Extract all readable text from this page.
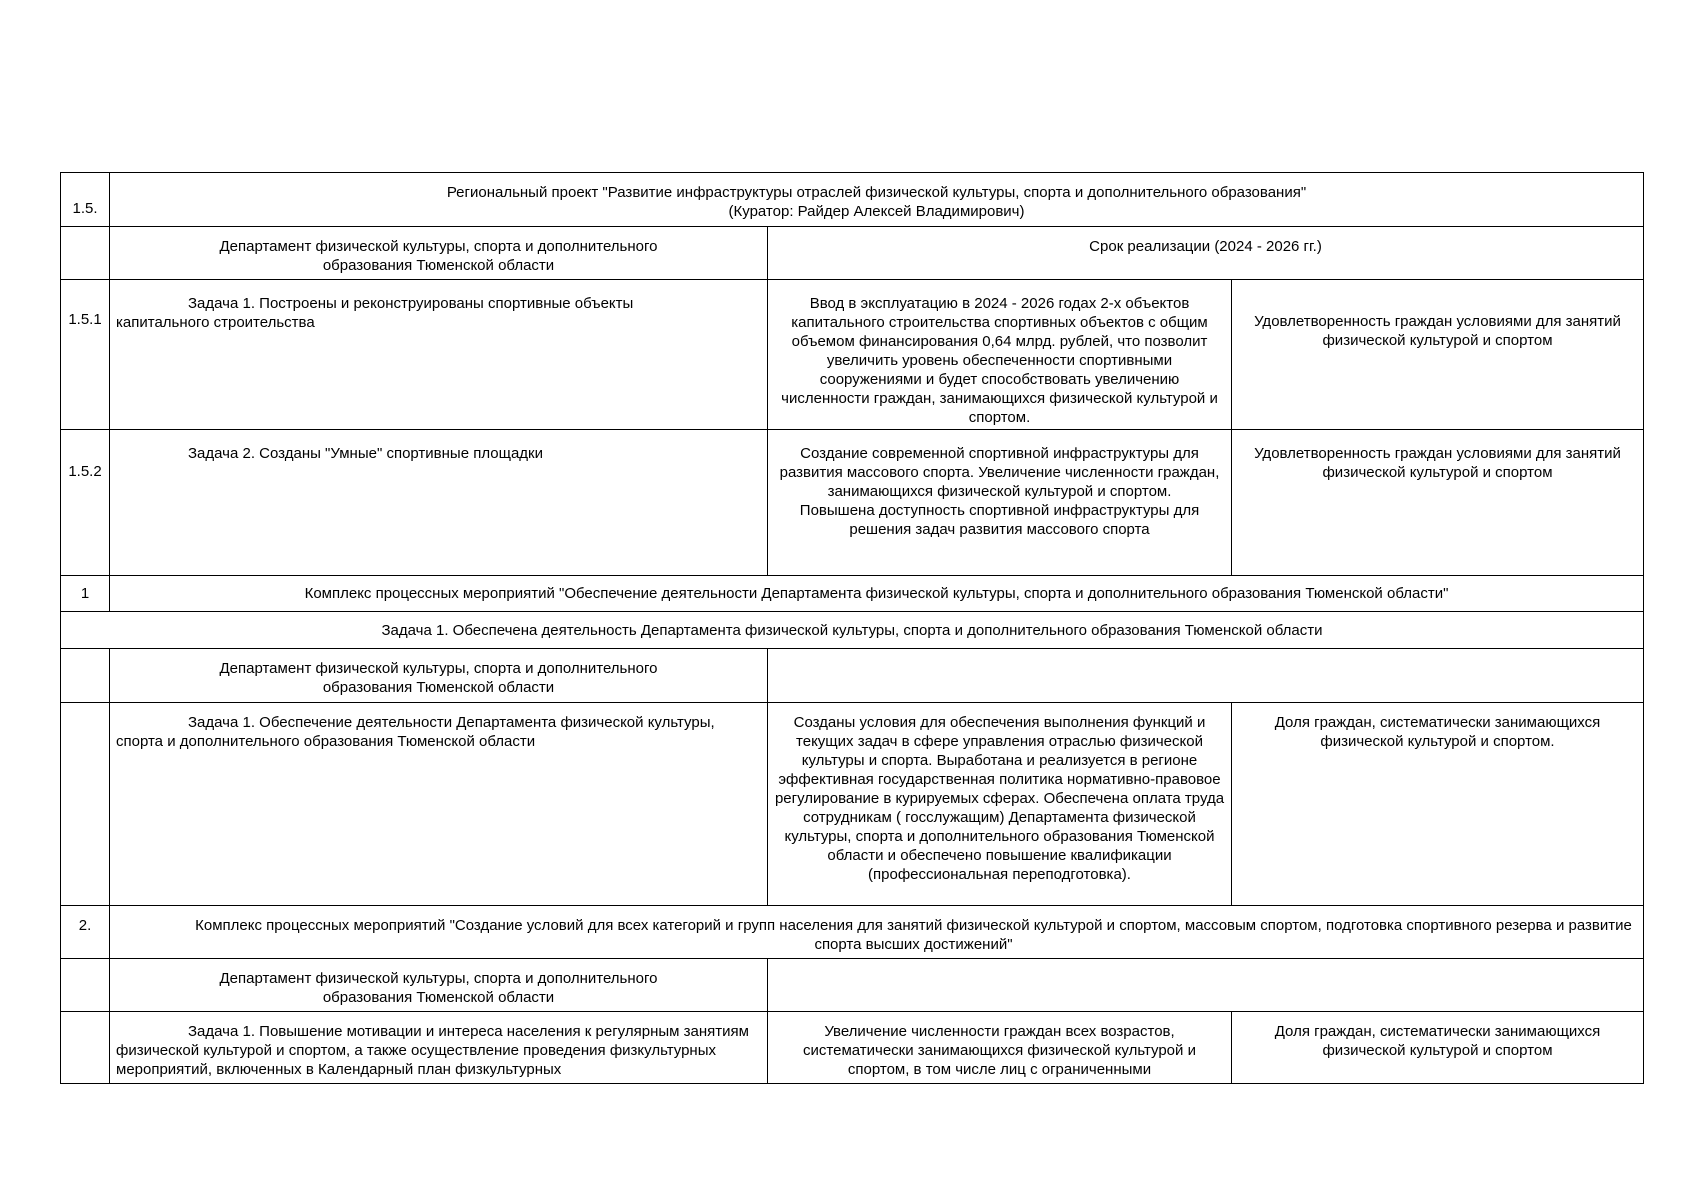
1.5.	Региональный проект "Развитие инфраструктуры отраслей физической культуры, спорта и дополнительного образования"
(Куратор: Райдер Алексей Владимирович)		

	Департамент физической культуры, спорта и дополнительного
образования Тюменской области	Срок реализации (2024 - 2026 гг.)	
1.5.1	Задача 1. Построены и реконструированы спортивные объекты
капитального строительства	Ввод в эксплуатацию в 2024 - 2026 годах 2-х объектов капитального строительства спортивных объектов с общим объемом финансирования 0,64 млрд. рублей, что позволит увеличить уровень обеспеченности спортивными сооружениями и будет способствовать увеличению численности граждан, занимающихся физической культурой и спортом.	Удовлетворенность граждан условиями для занятий физической культурой и спортом
1.5.2	Задача 2. Созданы "Умные" спортивные площадки	Создание современной спортивной инфраструктуры для развития массового спорта. Увеличение численности граждан, занимающихся физической культурой и спортом.
Повышена доступность спортивной инфраструктуры для решения задач развития массового спорта	Удовлетворенность граждан условиями для занятий физической культурой и спортом
1	Комплекс процессных мероприятий "Обеспечение деятельности Департамента физической культуры, спорта и дополнительного образования Тюменской области"		
Задача 1. Обеспечена деятельность Департамента физической культуры, спорта и дополнительного образования Тюменской области			

	Департамент физической культуры, спорта и дополнительного
образования Тюменской области		

	Задача 1. Обеспечение деятельности Департамента физической культуры,
спорта и дополнительного образования Тюменской области	Созданы условия для обеспечения выполнения функций и текущих задач в сфере управления отраслью физической культуры и спорта. Выработана и реализуется в регионе эффективная государственная политика нормативно-правовое регулирование в курируемых сферах. Обеспечена оплата труда сотрудникам ( госслужащим) Департамента физической культуры, спорта и дополнительного образования Тюменской области и обеспечено повышение квалификации (профессиональная переподготовка).	Доля граждан, систематически занимающихся физической культурой и спортом.
2.	Комплекс процессных мероприятий "Создание условий для всех категорий и групп населения для занятий физической культурой и спортом, массовым спортом, подготовка спортивного резерва и развитие спорта высших достижений"		

	Департамент физической культуры, спорта и дополнительного
образования Тюменской области		

	Задача 1. Повышение мотивации и интереса населения к регулярным занятиям физической культурой и спортом, а также осуществление проведения физкультурных мероприятий, включенных в Календарный план физкультурных	Увеличение численности граждан всех возрастов, систематически занимающихся физической культурой и спортом, в том числе лиц с ограниченными	Доля граждан, систематически занимающихся физической культурой и спортом
